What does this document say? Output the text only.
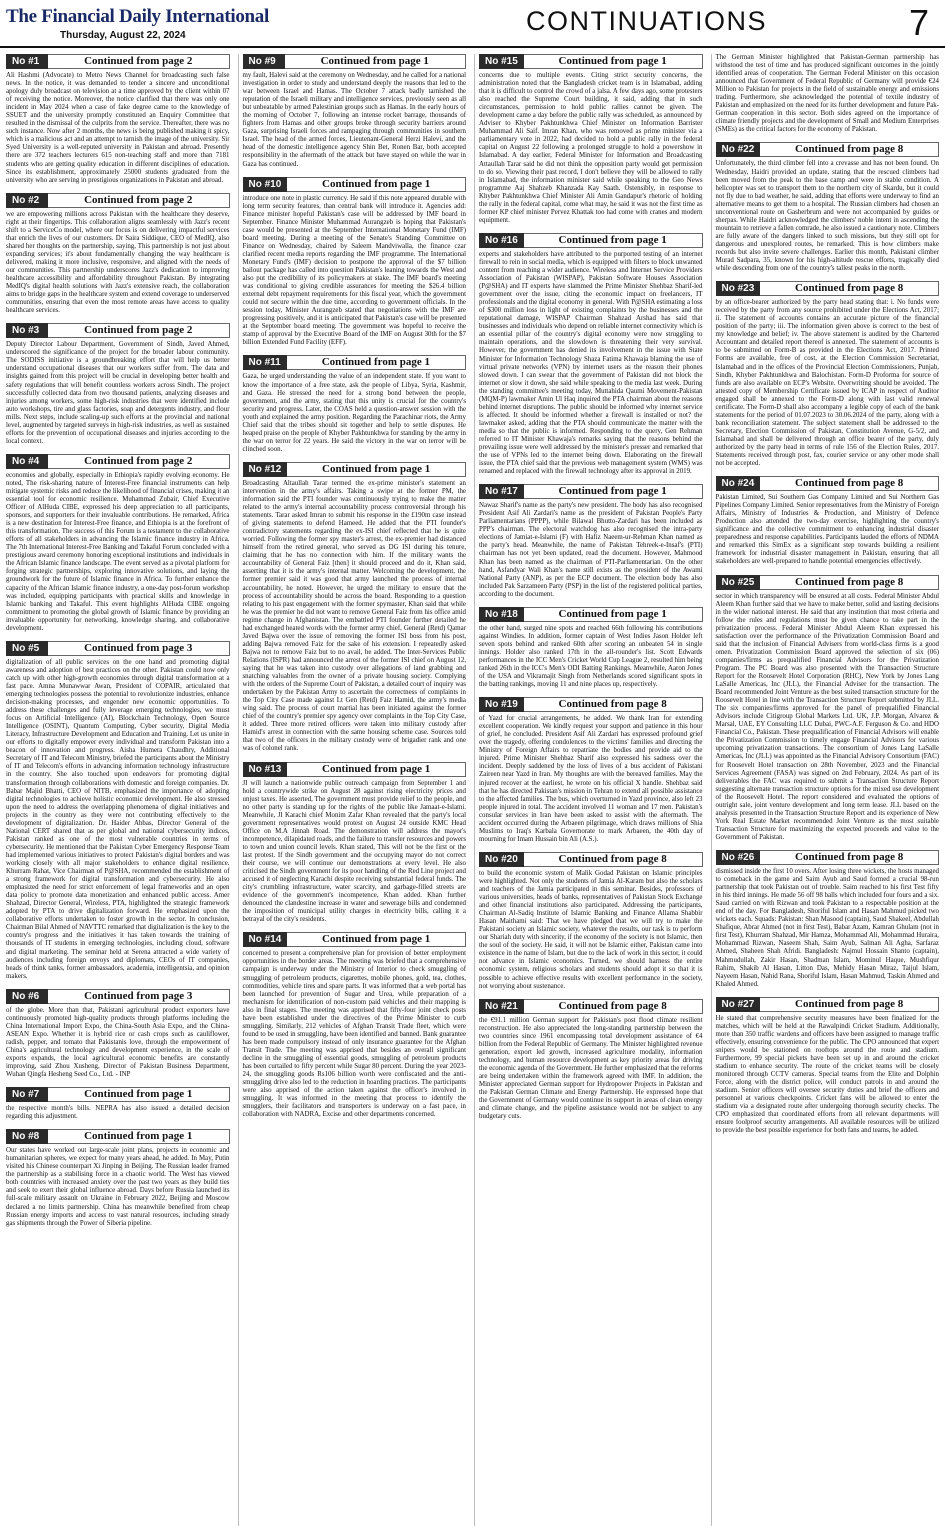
The Financial Daily International
Thursday, August 22, 2024	CONTINUATIONS	7
No #1	Continued from page 2

Ali Hashmi (Advocate) to Metro News Channel for broadcasting such false news. In the notice, it was demanded to tender a sincere and unconditional apology duly broadcast on television at a time approved by the client within 07 of receiving the notice. Moreover, the notice clarified that there was only one incident in May 2024 when a case of fake degree came to the knowledge of SSUET and the university promptly constituted an Enquiry Committee that resulted in the dismissal of the culprits from the service. Thereafter, there was no such instance. Now after 2 months, the news is being published making it spicy, which is a malicious act and an attempt to tarnish the image of the university. Sir Syed University is a well-reputed university in Pakistan and abroad. Presently there are 372 teachers lecturers 615 non-teaching staff and more than 7181 students who are getting quality education in different disciplines of education. Since its establishment, approximately 25000 students graduated from the university who are serving in prestigious organizations in Pakistan and abroad.

No #2	Continued from page 2

we are empowering millions across Pakistan with the healthcare they deserve, right at their fingertips. This collaboration aligns seamlessly with Jazz's recent shift to a ServiceCo model, where our focus is on delivering impactful services that enrich the lives of our customers. Dr Saira Siddique, CEO of MedIQ, also shared her thoughts on the partnership, saying, This partnership is not just about expanding services; it's about fundamentally changing the way healthcare is delivered, making it more inclusive, responsive, and aligned with the needs of our communities. This partnership underscores Jazz's dedication to improving healthcare accessibility and affordability throughout Pakistan. By integrating MedIQ's digital health solutions with Jazz's extensive reach, the collaboration aims to bridge gaps in the healthcare system and extend coverage to underserved communities, ensuring that even the most remote areas have access to quality healthcare services.

No #3	Continued from page 2

Deputy Director Labour Department, Government of Sindh, Javed Ahmed, underscored the significance of the project for the broader labour community. The SODISS initiative is a groundbreaking effort that will help us better understand occupational diseases that our workers suffer from. The data and insights gained from this project will be crucial in developing better health and safety regulations that will benefit countless workers across Sindh. The project successfully collected data from two thousand patients, analyzing diseases and injuries among workers, some high-risk industries that were identified include auto workshops, tire and glass factories, soap and detergents industry, and flour mills. Next steps, include scaling-up such efforts at the provincial and national level, augmented by targeted surveys in high-risk industries, as well as sustained efforts for the prevention of occupational diseases and injuries according to the local context.

No #4	Continued from page 2

economies and globally, especially in Ethiopia's rapidly evolving economy. He noted, The risk-sharing nature of Interest-Free financial instruments can help mitigate systemic risks and reduce the likelihood of financial crises, making it an essential tool for economic resilience. Muhammad Zubair, Chief Executive Officer of AlHuda CIBE, expressed his deep appreciation to all participants, sponsors, and supporters for their invaluable contributions. He remarked, Africa is a new destination for Interest-Free finance, and Ethiopia is at the forefront of this transformation. The success of this Forum is a testament to the collaborative efforts of all stakeholders in advancing the Islamic finance industry in Africa. The 7th International Interest-Free Banking and Takaful Forum concluded with a prestigious award ceremony honoring exceptional institutions and individuals in the African Islamic finance landscape. The event served as a pivotal platform for forging strategic partnerships, exploring innovative solutions, and laying the groundwork for the future of Islamic finance in Africa. To further enhance the capacity of the African Islamic finance industry, a one-day post-forum workshop was included, equipping participants with practical skills and knowledge in Islamic banking and Takaful. This event highlights AlHuda CIBE ongoing commitment to promoting the global growth of Islamic finance by providing an invaluable opportunity for networking, knowledge sharing, and collaborative development.

No #5	Continued from page 3

digitalization of all public services on the one hand and promoting digital awareness and adoption of best practices on the other. Pakistan could now only catch up with other high-growth economies through digital transformation at a fast pace. Amna Munawwar Awan, President of COPAIR, articulated that emerging technologies possess the potential to revolutionize industries, enhance decision-making processes, and engender new economic opportunities. To address these challenges and fully leverage emerging technologies, we must focus on Artificial Intelligence (AI), Blockchain Technology, Open Source Intelligence (OSINT), Quantum Computing, Cyber security, Digital Media Literacy, Infrastructure Development and Education and Training. Let us unite in our efforts to digitally empower every individual and transform Pakistan into a beacon of innovation and progress. Aisha Humera Chaudhry, Additional Secretary of IT and Telecom Ministry, briefed the participants about the Ministry of IT and Telecom's efforts in advancing information technology infrastructure in the country. She also touched upon endeavors for promoting digital transformation through collaborations with domestic and foreign companies. Dr. Babar Majid Bhatti, CEO of NITB, emphasized the importance of adopting digital technologies to achieve holistic economic development. He also stressed upon the need to address the overlapping phenomena of digital initiatives and projects in the country as they were not contributing effectively to the development of digitalization. Dr. Haider Abbas, Director General of the National CERT shared that as per global and national cybersecurity indices, Pakistan ranked as one of the most vulnerable countries in terms of cybersecurity. He mentioned that the Pakistan Cyber Emergency Response Team had implemented various initiatives to protect Pakistan's digital borders and was working closely with all major stakeholders to enhance digital resilience. Khurram Rahat, Vice Chairman of P@SHA, recommended the establishment of a strong framework for digital transformation and cybersecurity. He also emphasized the need for strict enforcement of legal frameworks and an open data policy to promote data monetization and enhanced public access. Amer Shahzad, Director General, Wireless, PTA, highlighted the strategic framework adopted by PTA to drive digitalization forward. He emphasized upon the collaborative efforts undertaken to foster growth in the sector. In conclusion, Chairman Bilal Ahmed of NAVTTC remarked that digitalization is the key to the country's progress and the initiatives it has taken towards the training of thousands of IT students in emerging technologies, including cloud, software and digital marketing. The seminar held at Serena attracted a wide variety of audiences including foreign envoys and diplomats, CEOs of IT companies, heads of think tanks, former ambassadors, academia, intelligentsia, and opinion makers.

No #6	Continued from page 3

of the globe. More than that, Pakistani agricultural product exporters have continuously promoted high-quality products through platforms including the China International Import Expo, the China-South Asia Expo, and the China-ASEAN Expo. Whether it is hybrid rice or cash crops such as cauliflower, radish, pepper, and tomato that Pakistanis love, through the empowerment of China's agricultural technology and development experience, in the scale of exports expands, the local agricultural economic benefits are constantly improving, said Zhou Xusheng, Director of Pakistan Business Department, Wuhan Qingfa Hesheng Seed Co., Ltd. - INP

No #7	Continued from page 1

the respective month's bills. NEPRA has also issued a detailed decision regarding this adjustment.

No #8	Continued from page 1

Our states have worked out large-scale joint plans, projects in economic and humanitarian spheres, we expect for many years ahead, he added. In May, Putin visited his Chinese counterpart Xi Jinping in Beijing. The Russian leader framed the partnership as a stabilising force in a chaotic world. The West has viewed both countries with increased anxiety over the past two years as they build ties and seek to exert their global influence abroad. Days before Russia launched its full-scale military assault on Ukraine in February 2022, Beijing and Moscow declared a no limits partnership. China has meanwhile benefited from cheap Russian energy imports and access to vast natural resources, including steady gas shipments through the Power of Siberia pipeline.

No #9	Continued from page 1

my fault, Halevi said at the ceremony on Wednesday, and he called for a national investigation in order to study and understand deeply the reasons that led to the war between Israel and Hamas. The October 7 attack badly tarnished the reputation of the Israeli military and intelligence services, previously seen as all but unbeatable by armed Palestinian groups such as Hamas. In the early hours of the morning of October 7, following an intense rocket barrage, thousands of fighters from Hamas and other groups broke through security barriers around Gaza, surprising Israeli forces and rampaging through communities in southern Israel. The head of the armed forces, Lieutenant-General Herzi Halevi, and the head of the domestic intelligence agency Shin Bet, Ronen Bar, both accepted responsibility in the aftermath of the attack but have stayed on while the war in Gaza has continued.

No #10	Continued from page 1

introduce one note in plastic currency. He said if this note appeared durable with long term security features, than central bank will introduce it. Agencies add: Finance minister hopeful Pakistan's case will be addressed by IMF board in September. Finance Minister Muhammad Aurangzeb is hoping that Pakistan's case would be presented at the September International Monetary Fund (IMF) board meeting. During a meeting of the Senate's Standing Committee on Finance on Wednesday, chaired by Saleem Mandviwalla, the finance czar clarified recent media reports regarding the IMF programme. The International Monetary Fund's (IMF) decision to postpone the approval of the $7 billion bailout package has called into question Pakistan's leaning towards the West and also put the credibility of its policymakers at stake. The IMF board's meeting was conditional to giving credible assurances for meeting the $26.4 billion external debt repayment requirements for this fiscal year, which the government could not secure within the due time, according to government officials. In the session today, Minister Aurangzeb stated that negotiations with the IMF are progressing positively, and it is anticipated that Pakistan's case will be presented at the September board meeting. The government was hopeful to receive the stamp of approval by the Executive Board of the IMF on August 30th for the $7 billion Extended Fund Facility (EFF).

No #11	Continued from page 1

Gaza, he urged understanding the value of an independent state. If you want to know the importance of a free state, ask the people of Libya, Syria, Kashmir, and Gaza. He stressed the need for a strong bond between the people, government, and the army, stating that this unity is crucial for the country's security and progress. Later, the COAS held a question-answer session with the youth and explained the army position. Regarding the Parachinar riots, the Army Chief said that the tribes should sit together and help to settle disputes. He heaped praise on the people of Khyber Pakhtunkhwa for standing by the army in the war on terror for 22 years. He said the victory in the war on terror will be clinched soon.

No #12	Continued from page 1

Broadcasting Altaullah Tarar termed the ex-prime minister's statement an intervention in the army's affairs. Taking a swipe at the former PM, the information said the PTI founder was continuously trying to make the matter related to the army's internal accountability process controversial through his statements. Tarar asked Imran to submit his response in the £190m case instead of giving statements to defend Hameed. He added that the PTI founder's contradictory statements regarding the ex-ISI chief reflected that he is quite worried. Following the former spy master's arrest, the ex-premier had distanced himself from the retired general, who served as DG ISI during his tenure, claiming that he has no connection with him. If the military wants the accountability of General Faiz [then] it should proceed and do it, Khan said, asserting that it is the army's internal matter. Welcoming the development, the former premier said it was good that army launched the process of internal accountability, he noted. However, he urged the military to ensure that the process of accountability should be across the board. Responding to a question relating to his past engagement with the former spymaster, Khan said that while he was the premier he did not want to remove General Faiz from his office amid regime change in Afghanistan. The embattled PTI founder further detailed he had exchanged heated words with the former army chief, General (Retd) Qamar Javed Bajwa over the issue of removing the former ISI boss from his post, adding Bajwa removed Faiz for the sake of his extension. I repeatedly asked Bajwa not to remove Faiz but to no avail, he added. The Inter-Services Public Relations (ISPR) had announced the arrest of the former ISI chief on August 12, saying that he was taken into custody over allegations of land grabbing and snatching valuables from the owner of a private housing society. Complying with the orders of the Supreme Court of Pakistan, a detailed court of inquiry was undertaken by the Pakistan Army to ascertain the correctness of complaints in the Top City Case made against Lt Gen (Retd) Faiz Hamid, the army's media wing said. The process of court martial has been initiated against the former chief of the country's premier spy agency over complaints in the Top City Case, it added. Three more retired officers were taken into military custody after Hamid's arrest in connection with the same housing scheme case. Sources told that two of the officers in the military custody were of brigadier rank and one was of colonel rank.

No #13	Continued from page 1

JI will launch a nationwide public outreach campaign from September 1 and hold a countrywide strike on August 28 against rising electricity prices and unjust taxes. He asserted, The government must provide relief to the people, and no other party is standing up for the rights of the public like Jamaat-e-Islami. Meanwhile, JI Karachi chief Monim Zafar Khan revealed that the party's local government representatives would protest on August 24 outside KMC Head Office on M.A Jinnah Road. The demonstration will address the mayor's incompetence, dilapidated roads, and the failure to transfer resources and powers to town and union council levels. Khan stated, This will not be the first or the last protest. If the Sindh government and the occupying mayor do not correct their course, we will continue our demonstrations at every level. He also criticised the Sindh government for its poor handling of the Red Line project and accused it of neglecting Karachi despite receiving substantial federal funds. The city's crumbling infrastructure, water scarcity, and garbage-filled streets are evidence of the government's incompetence, Khan added. Khan further denounced the clandestine increase in water and sewerage bills and condemned the imposition of municipal utility charges in electricity bills, calling it a betrayal of the city's residents.

No #14	Continued from page 1

concerned to present a comprehensive plan for provision of better employment opportunities in the border areas. The meeting was briefed that a comprehensive campaign is underway under the Ministry of Interior to check smuggling of smuggling of petroleum products, cigarettes, mobile phones, gold, tea, clothes, commodities, vehicle tires and spare parts. It was informed that a web portal has been launched for prevention of Sugar and Urea, while preparation of a mechanism for identification of non-custom paid vehicles and their mapping is also in final stages. The meeting was apprised that fifty-four joint check posts have been established under the directives of the Prime Minister to curb smuggling. Similarly, 212 vehicles of Afghan Transit Trade fleet, which were found to be used in smuggling, have been identified and banned. Bank guarantee has been made compulsory instead of only insurance guarantee for the Afghan Transit Trade. The meeting was apprised that besides an overall significant decline in the smuggling of essential goods, smuggling of petroleum products has been curtailed to fifty percent while Sugar 80 percent. During the year 2023-24, the smuggling goods Rs106 billion worth were confiscated and the anti-smuggling drive also led to the reduction in hoarding practices. The participants were also apprised of the action taken against the officer's involved in smuggling. It was informed in the meeting that process to identify the smugglers, their facilitators and transporters is underway on a fast pace, in collaboration with NADRA, Excise and other departments concerned.

No #15	Continued from page 1

concerns due to multiple events. Citing strict security concerns, the administration noted that the Bangladesh cricket team is in Islamabad, adding that it is difficult to control the crowd of a jalsa. A few days ago, some protesters also reached the Supreme Court building, it said, adding that in such circumstances, permission to hold public rallies cannot be given. The development came a day before the public rally was scheduled, as announced by Adviser to Khyber Pakhtunkhwa Chief Minister on Information Barrister Muhammad Ali Saif. Imran Khan, who was removed as prime minister via a parliamentary vote in 2022, had decided to hold a public rally in the federal capital on August 22 following a prolonged struggle to hold a powershow in Islamabad. A day earlier, Federal Minister for Information and Broadcasting Attaullah Tarar said he did not think the opposition party would get permission to do so. Viewing their past record, I don't believe they will be allowed to rally in Islamabad, the information minister said while speaking to the Geo News programme Aaj Shahzeb Khanzada Kay Saath. Ostensibly, in response to Khyber Pakhtunkhwa Chief Minister Ali Amin Gandapur's rhetoric of holding the rally in the federal capital, come what may, he said it was not the first time as former KP chief minister Pervez Khattak too had come with cranes and modern equipment.

No #16	Continued from page 1

experts and stakeholders have attributed to the purported testing of an internet firewall to rein in social media, which is equipped with filters to block unwanted content from reaching a wider audience. Wireless and Internet Service Providers Association of Pakistan (WISPAP), Pakistan Software Houses Association (P@SHA) and IT experts have slammed the Prime Minister Shehbaz Sharif-led government over the issue, citing the economic impact on freelancers, IT professionals and the digital economy in general. With P@SHA estimating a loss of $300 million loss in light of existing complaints by the businesses and the reputational damage, WISPAP Chairman Shahzad Arshad has said that businesses and individuals who depend on reliable internet connectivity which is an essential pillar of the country's digital economy were now struggling to maintain operations, and the slowdown is threatening their very survival. However, the government has denied its involvement in the issue with State Minister for Information Technology Shaza Fatima Khawaja blaming the use of virtual private networks (VPN) by internet users as the reason their phones slowed down. I can swear that the government of Pakistan did not block the internet or slow it down, she said while speaking to the media last week. During the standing committee's meeting today, Muttahida Qaumi Movement-Pakistan (MQM-P) lawmaker Amin Ul Haq inquired the PTA chairman about the reasons behind internet disruptions. The public should be informed why internet service is affected. It should be informed whether a firewall is installed or not? the lawmaker asked, adding that the PTA should communicate the matter with the media so that the public is informed. Responding to the query, Gen Rehman referred to IT Minister Khawaja's remarks saying that the reasons behind the prevailing issue were well addressed by the minister's presser and remarked that the use of VPNs led to the internet being down. Elaborating on the firewall issue, the PTA chief said that the previous web management system (WMS) was renamed and replaced with the firewall technology after its approval in 2019.

No #17	Continued from page 1

Nawaz Sharif's name as the party's new president. The body has also recognised President Asif Ali Zardari's name as the president of Pakistan People's Party Parliamentarians (PPPP), while Bilawal Bhutto-Zardari has been included as PPP's chairman. The electoral watchdog has also recognised the intra-party elections of Jamiat-e-Islami (F) with Hafiz Naeem-ur-Rehman Khan named as the party's head. Meanwhile, the name of Pakistan Tehreek-e-Insaf's (PTI) chairman has not yet been updated, read the document. However, Mahmood Khan has been named as the chairman of PTI-Parliamentarian. On the other hand, Asfandyar Wali Khan's name still exists as the president of the Awami National Party (ANP), as per the ECP document. The election body has also included Pak Sarzameen Party (PSP) in the list of the registered political parties, according to the document.

No #18	Continued from page 1

the other hand, surged nine spots and reached 66th following his contributions against Windies. In addition, former captain of West Indies Jason Holder left seven spots behind and ranked 60th after scoring an unbeaten 54 in single innings. Holder also ranked 17th in the all-rounder's list. Scott Edwards performances in the ICC Men's Cricket World Cup League 2, resulted him being ranked 26th in the ICC's Men's ODI Batting Rankings. Meanwhile, Aaron Jones of the USA and Vikramajit Singh from Netherlands scored significant spots in the batting rankings, moving 11 and nine places up, respectively.

No #19	Continued from page 8

of Yazd for crucial arrangements, he added. We thank Iran for extending excellent cooperation. We kindly request your support and patience in this hour of grief, he concluded. President Asif Ali Zardari has expressed profound grief over the tragedy, offering condolences to the victims' families and directing the Ministry of Foreign Affairs to repatriate the bodies and provide aid to the injured. Prime Minister Shehbaz Sharif also expressed his sadness over the incident. Deeply saddened by the loss of lives of a bus accident of Pakistani Zaireen near Yazd in Iran. My thoughts are with the bereaved families. May the injured recover at the earliest, he wrote on his official X handle. Shehbaz said that he has directed Pakistan's mission in Tehran to extend all possible assistance to the affected families. The bus, which overturned in Yazd province, also left 23 people injured in total. The accident involved 11 woman and 17 men. Pakistan's consular services in Iran have been asked to assist with the aftermath. The accident occurred during the Arbaeen pilgrimage, which draws millions of Shia Muslims to Iraq's Karbala Governorate to mark Arbaeen, the 40th day of mourning for Imam Hussain bin Ali (A.S.).

No #20	Continued from page 8

to build the economic system of Malik Godad Pakistan on Islamic principles were highlighted. Not only the students of Jamia Al-Karam but also the scholars and teachers of the Jamia participated in this seminar. Besides, professors of various universities, heads of banks, representatives of Pakistan Stock Exchange and other financial institutions also participated. Addressing the participants, Chairman Al-Sadiq Institute of Islamic Banking and Finance Allama Shabbir Hasan Maithami said: That we have pledged that we will try to make the Pakistani society an Islamic society, whatever the results, our task is to perform our Shariah duty with sincerity, if the economy of the society is not Islamic, then the soul of the society. He said, it will not be Islamic either, Pakistan came into existence in the name of Islam, but due to the lack of work in this sector, it could not advance in Islamic economics. Turned, we should harness the entire economic system, religious scholars and students should adopt it so that it is possible to achieve effective results with excellent performance in the society, not worrying about sustenance.

No #21	Continued from page 8

the €91.1 million German support for Pakistan's post flood climate resilient reconstruction. He also appreciated the long-standing partnership between the two countries since 1961 encompassing total development assistance of €4 billion from the Federal Republic of Germany. The Minister highlighted revenue generation, export led growth, increased agriculture modality, information technology, and human resource development as key priority areas for driving the economic agenda of the Government. He further emphasized that the reforms are being undertaken within the framework agreed with IMF. In addition, the Minister appreciated German support for Hydropower Projects in Pakistan and the Pakistan German Climate and Energy Partnership. He expressed hope that the Government of Germany would continue its support in areas of clean energy and climate change, and the pipeline assistance would not be subject to any budgetary cuts.

The German Minister highlighted that Pakistan-German partnership has withstood the test of time and has produced significant outcomes in the jointly identified areas of cooperation. The German Federal Minister on this occasion announced that Government of Federal Republic of Germany will provide €24 Million to Pakistan for projects in the field of sustainable energy and emissions trading. Furthermore, she acknowledged the potential of textile industry of Pakistan and emphasized on the need for its further development and future Pak-German cooperation in this sector. Both sides agreed on the importance of climate friendly projects and the development of Small and Medium Enterprises (SMEs) as the critical factors for the economy of Pakistan.

No #22	Continued from page 8

Unfortunately, the third climber fell into a crevasse and has not been found. On Wednesday, Haidri provided an update, stating that the rescued climbers had been moved from the peak to the base camp and were in stable condition. A helicopter was set to transport them to the northern city of Skardu, but it could not fly due to bad weather, he said, adding that efforts were underway to find an alternative means to get them to a hospital. The Russian climbers had chosen an unconventional route on Gasherbrum and were not accompanied by guides or sherpas. While Haidri acknowledged the climbers' noble intent in ascending the mountain to retrieve a fallen comrade, he also issued a cautionary note. Climbers are fully aware of the dangers linked to such missions, but they still opt for dangerous and unexplored routes, he remarked. This is how climbers make records but also invite severe challenges. Earlier this month, Pakistani climber Murad Sadpara, 35, known for his high-altitude rescue efforts, tragically died while descending from one of the country's tallest peaks in the north.

No #23	Continued from page 8

by an office-bearer authorized by the party head stating that: i. No funds were received by the party from any source prohibited under the Elections Act, 2017; ii. The statement of accounts contains an accurate picture of the financial position of the party; iii. The information given above is correct to the best of my knowledge and belief; iv. The above statement is audited by the Chartered Accountant and detailed report thereof is annexed. The statement of accounts is to be submitted on Form-B as provided in the Elections Act, 2017. Printed Forms are available, free of cost, at the Election Commission Secretariat, Islamabad and in the offices of the Provincial Election Commissioners, Punjab, Sindh, Khyber Pakhtunkhwa and Balochistan. Form-D Proforma for source of funds are also available on ECP's Website. Overwriting should be avoided. The attested copy of Membership Certificate issued by ICAP in respect of Auditor engaged shall be annexed to the Form-D along with last valid renewal certificate. The Form-D shall also accompany a legible copy of each of the bank statements for the period of 01.07.2023 to 30.06.2024 of the party, along with a bank reconciliation statement. The subject statement shall be addressed to the Secretary, Election Commission of Pakistan, Constitution Avenue, G-5/2, and Islamabad and shall be delivered through an office bearer of the party, duly authorized by the party head in terms of rule 156 of the Election Rules, 2017. Statements received through post, fax, courier service or any other mode shall not be accepted.

No #24	Continued from page 8

Pakistan Limited, Sui Southern Gas Company Limited and Sui Northern Gas Pipelines Company Limited. Senior representatives from the Ministry of Foreign Affairs, Ministry of Industries & Production, and Ministry of Defence Production also attended the two-day exercise, highlighting the country's significance and the collective commitment to enhancing industrial disaster preparedness and response capabilities. Participants lauded the efforts of NDMA and remarked this SimEx as a significant step towards building a resilient framework for industrial disaster management in Pakistan, ensuring that all stakeholders are well-prepared to handle potential emergencies effectively.

No #25	Continued from page 8

sector in which transparency will be ensured at all costs. Federal Minister Abdul Aleem Khan further said that we have to make better, solid and lasting decisions in the wider national interest. He said that any institution that most criteria and follow the rules and regulations must be given chance to take part in the privatization process. Federal Minister Abdul Aleem Khan expressed his satisfaction over the performance of the Privatization Commission Board and said that the inclusion of Financial Advisers from world-class firms is a good omen. Privatization Commission Board approved the selection of six (06) companies/firms as prequalified Financial Advisors for the Privatization Program. The PC Board was also presented with the Transaction Structure Report for the Roosevelt Hotel Corporation (RHC), New York by Jones Lang LaSalle Americas, Inc (JLL), the Financial Adviser for the transaction. The Board recommended Joint Venture as the best suited transaction structure for the Roosevelt Hotel in line with the Transaction Structure Report submitted by JLL. The six companies/firms approved for the panel of prequalified Financial Advisors include Citigroup Global Markets Ltd. UK, J.P. Morgan, Alvarez & Marsal, UAE, EY Consulting LLC Dubai, PWC-A.F. Ferguson & Co. and HDO Financial Co., Pakistan. These prequalification of Financial Advisors will enable the Privatization Commission to timely engage Financial Advisors for various upcoming privatization transactions. The consortium of Jones Lang LaSalle Americas, Inc (JLL) was appointed as the Financial Advisory Consortium (FAC) for Roosevelt Hotel transaction on 28th November, 2023 and the Financial Services Agreement (FASA) was signed on 2nd February, 2024. As part of its deliverables the FAC was required to submit a Transaction Structure Report suggesting alternate transaction structure options for the mixed use development of the Roosevelt Hotel. The report considered and evaluated the options of outright sale, joint venture development and long term lease. JLL based on the analysis presented in the Transaction Structure Report and its experience of New York Real Estate Market recommended Joint Venture as the most suitable Transaction Structure for maximizing the expected proceeds and value to the Government of Pakistan.

No #26	Continued from page 8

dismissed inside the first 10 overs. After losing three wickets, the hosts managed to comeback in the game and Saim Ayub and Saud formed a crucial 98-run partnership that took Pakistan out of trouble. Saim reached to his first Test fifty in his third innings. He made 56 off 98 balls which included four fours and a six. Saud carried on with Rizwan and took Pakistan to a respectable position at the end of the day. For Bangladesh, Shoriful Islam and Hasan Mahmud picked two wickets each. Squads: Pakistan: Shan Masood (captain), Saud Shakeel, Abdullah Shafique, Abrar Ahmed (not in first Test), Babar Azam, Kamran Ghulam (not in first Test), Khurram Shahzad, Mir Hamza, Mohammad Ali, Mohammad Huraira, Mohammad Rizwan, Naseem Shah, Saim Ayub, Salman Ali Agha, Sarfaraz Ahmed, Shaheen Shah Afridi. Bangladesh: Najmul Hossain Shanto (captain), Mahmudullah, Zakir Hasan, Shadman Islam, Mominul Haque, Mushfiqur Rahim, Shakib Al Hasan, Litton Das, Mehidy Hasan Miraz, Taijul Islam, Nayeem Hasan, Nahid Rana, Shoriful Islam, Hasan Mahmud, Taskin Ahmed and Khaled Ahmed.

No #27	Continued from page 8

He stated that comprehensive security measures have been finalized for the matches, which will be held at the Rawalpindi Cricket Stadium. Additionally, more than 350 traffic wardens and officers have been assigned to manage traffic effectively, ensuring convenience for the public. The CPO announced that expert snipers would be stationed on rooftops around the route and stadium. Furthermore, 99 special pickets have been set up in and around the cricket stadium to enhance security. The route of the cricket teams will be closely monitored through CCTV cameras. Special teams from the Elite and Dolphin Force, along with the district police, will conduct patrols in and around the stadium. Senior officers will oversee security duties and brief the officers and personnel at various checkpoints. Cricket fans will be allowed to enter the stadium via a designated route after undergoing thorough security checks. The CPO emphasized that coordinated efforts from all relevant departments will ensure foolproof security arrangements. All available resources will be utilized to provide the best possible experience for both fans and teams, he added.
